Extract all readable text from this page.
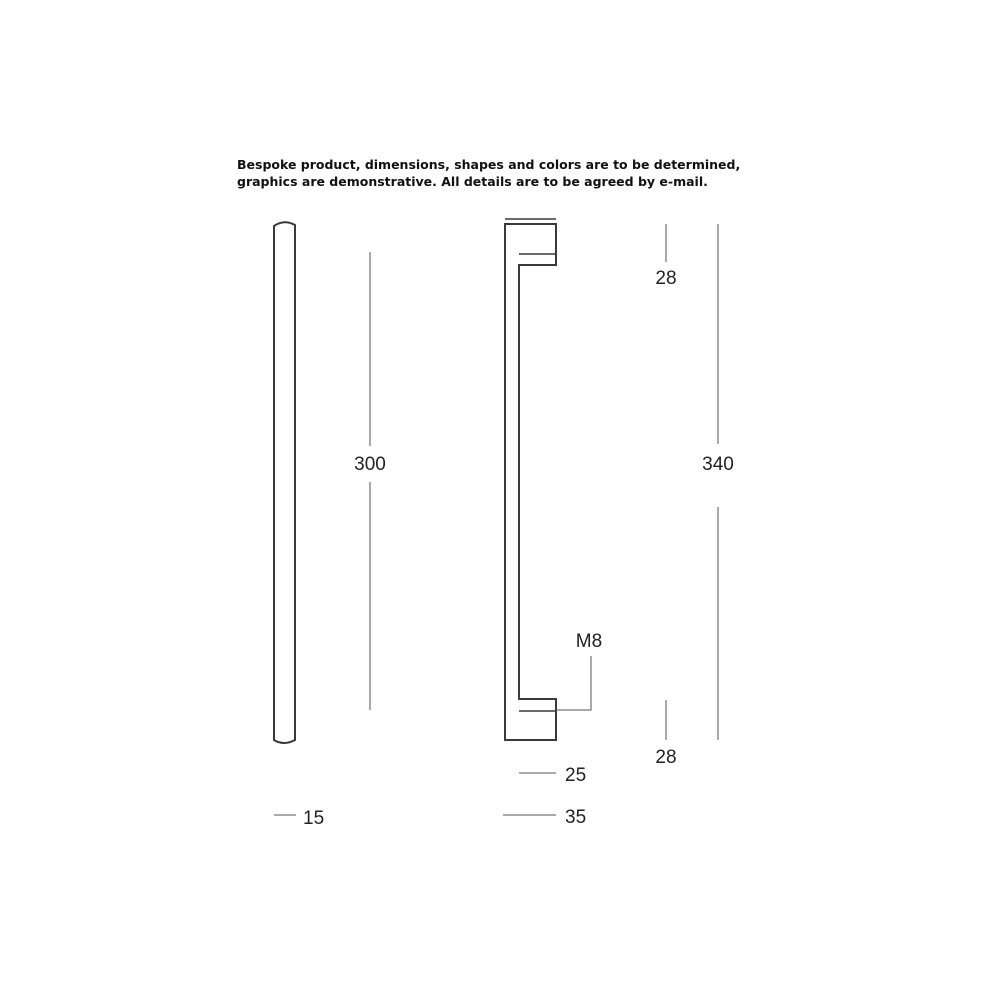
Bespoke product, dimensions, shapes and colors are to be determined,
graphics are demonstrative. All details are to be agreed by e-mail.
300
15
M8
25
35
28
28
340
